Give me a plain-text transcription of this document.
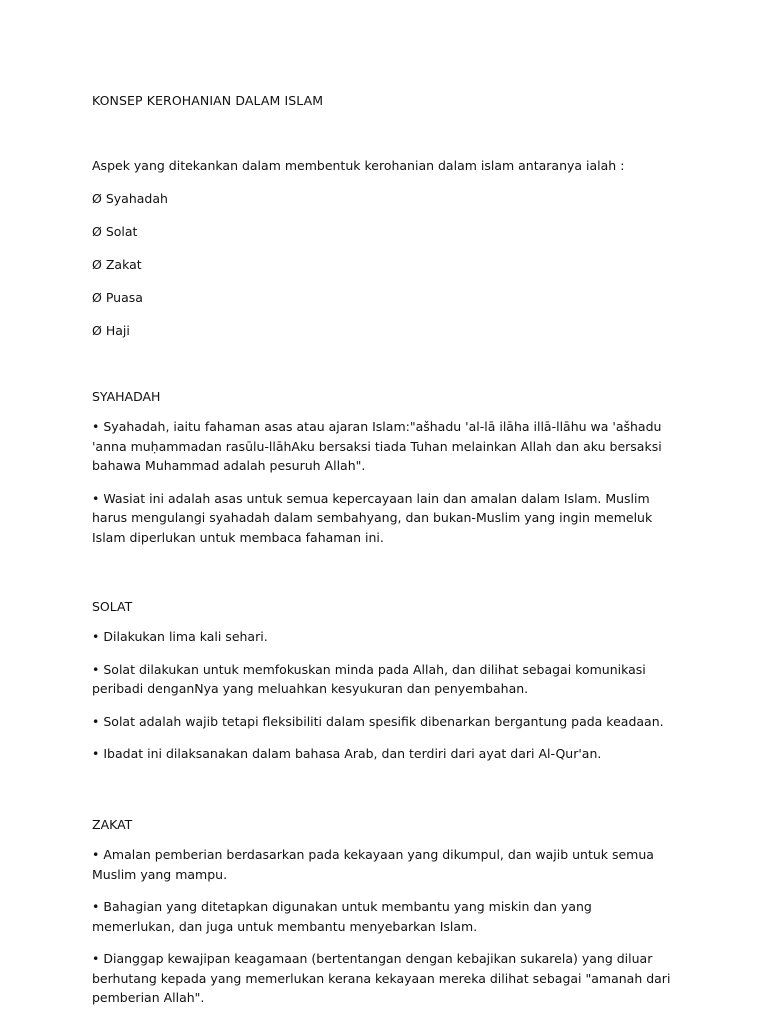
KONSEP KEROHANIAN DALAM ISLAM
Aspek yang ditekankan dalam membentuk kerohanian dalam islam antaranya ialah :
Ø Syahadah
Ø Solat
Ø Zakat
Ø Puasa
Ø Haji
SYAHADAH

• Syahadah, iaitu fahaman asas atau ajaran Islam:"ašhadu 'al-lā ilāha illā-llāhu wa 'ašhadu 'anna muḥammadan rasūlu-llāhAku bersaksi tiada Tuhan melainkan Allah dan aku bersaksi bahawa Muhammad adalah pesuruh Allah".

• Wasiat ini adalah asas untuk semua kepercayaan lain dan amalan dalam Islam. Muslim harus mengulangi syahadah dalam sembahyang, dan bukan-Muslim yang ingin memeluk Islam diperlukan untuk membaca fahaman ini.

SOLAT

• Dilakukan lima kali sehari.

• Solat dilakukan untuk memfokuskan minda pada Allah, dan dilihat sebagai komunikasi peribadi denganNya yang meluahkan kesyukuran dan penyembahan.

• Solat adalah wajib tetapi fleksibiliti dalam spesifik dibenarkan bergantung pada keadaan.

• Ibadat ini dilaksanakan dalam bahasa Arab, dan terdiri dari ayat dari Al-Qur'an.

ZAKAT

• Amalan pemberian berdasarkan pada kekayaan yang dikumpul, dan wajib untuk semua Muslim yang mampu.

• Bahagian yang ditetapkan digunakan untuk membantu yang miskin dan yang memerlukan, dan juga untuk membantu menyebarkan Islam.

• Dianggap kewajipan keagamaan (bertentangan dengan kebajikan sukarela) yang diluar berhutang kepada yang memerlukan kerana kekayaan mereka dilihat sebagai "amanah dari pemberian Allah".
